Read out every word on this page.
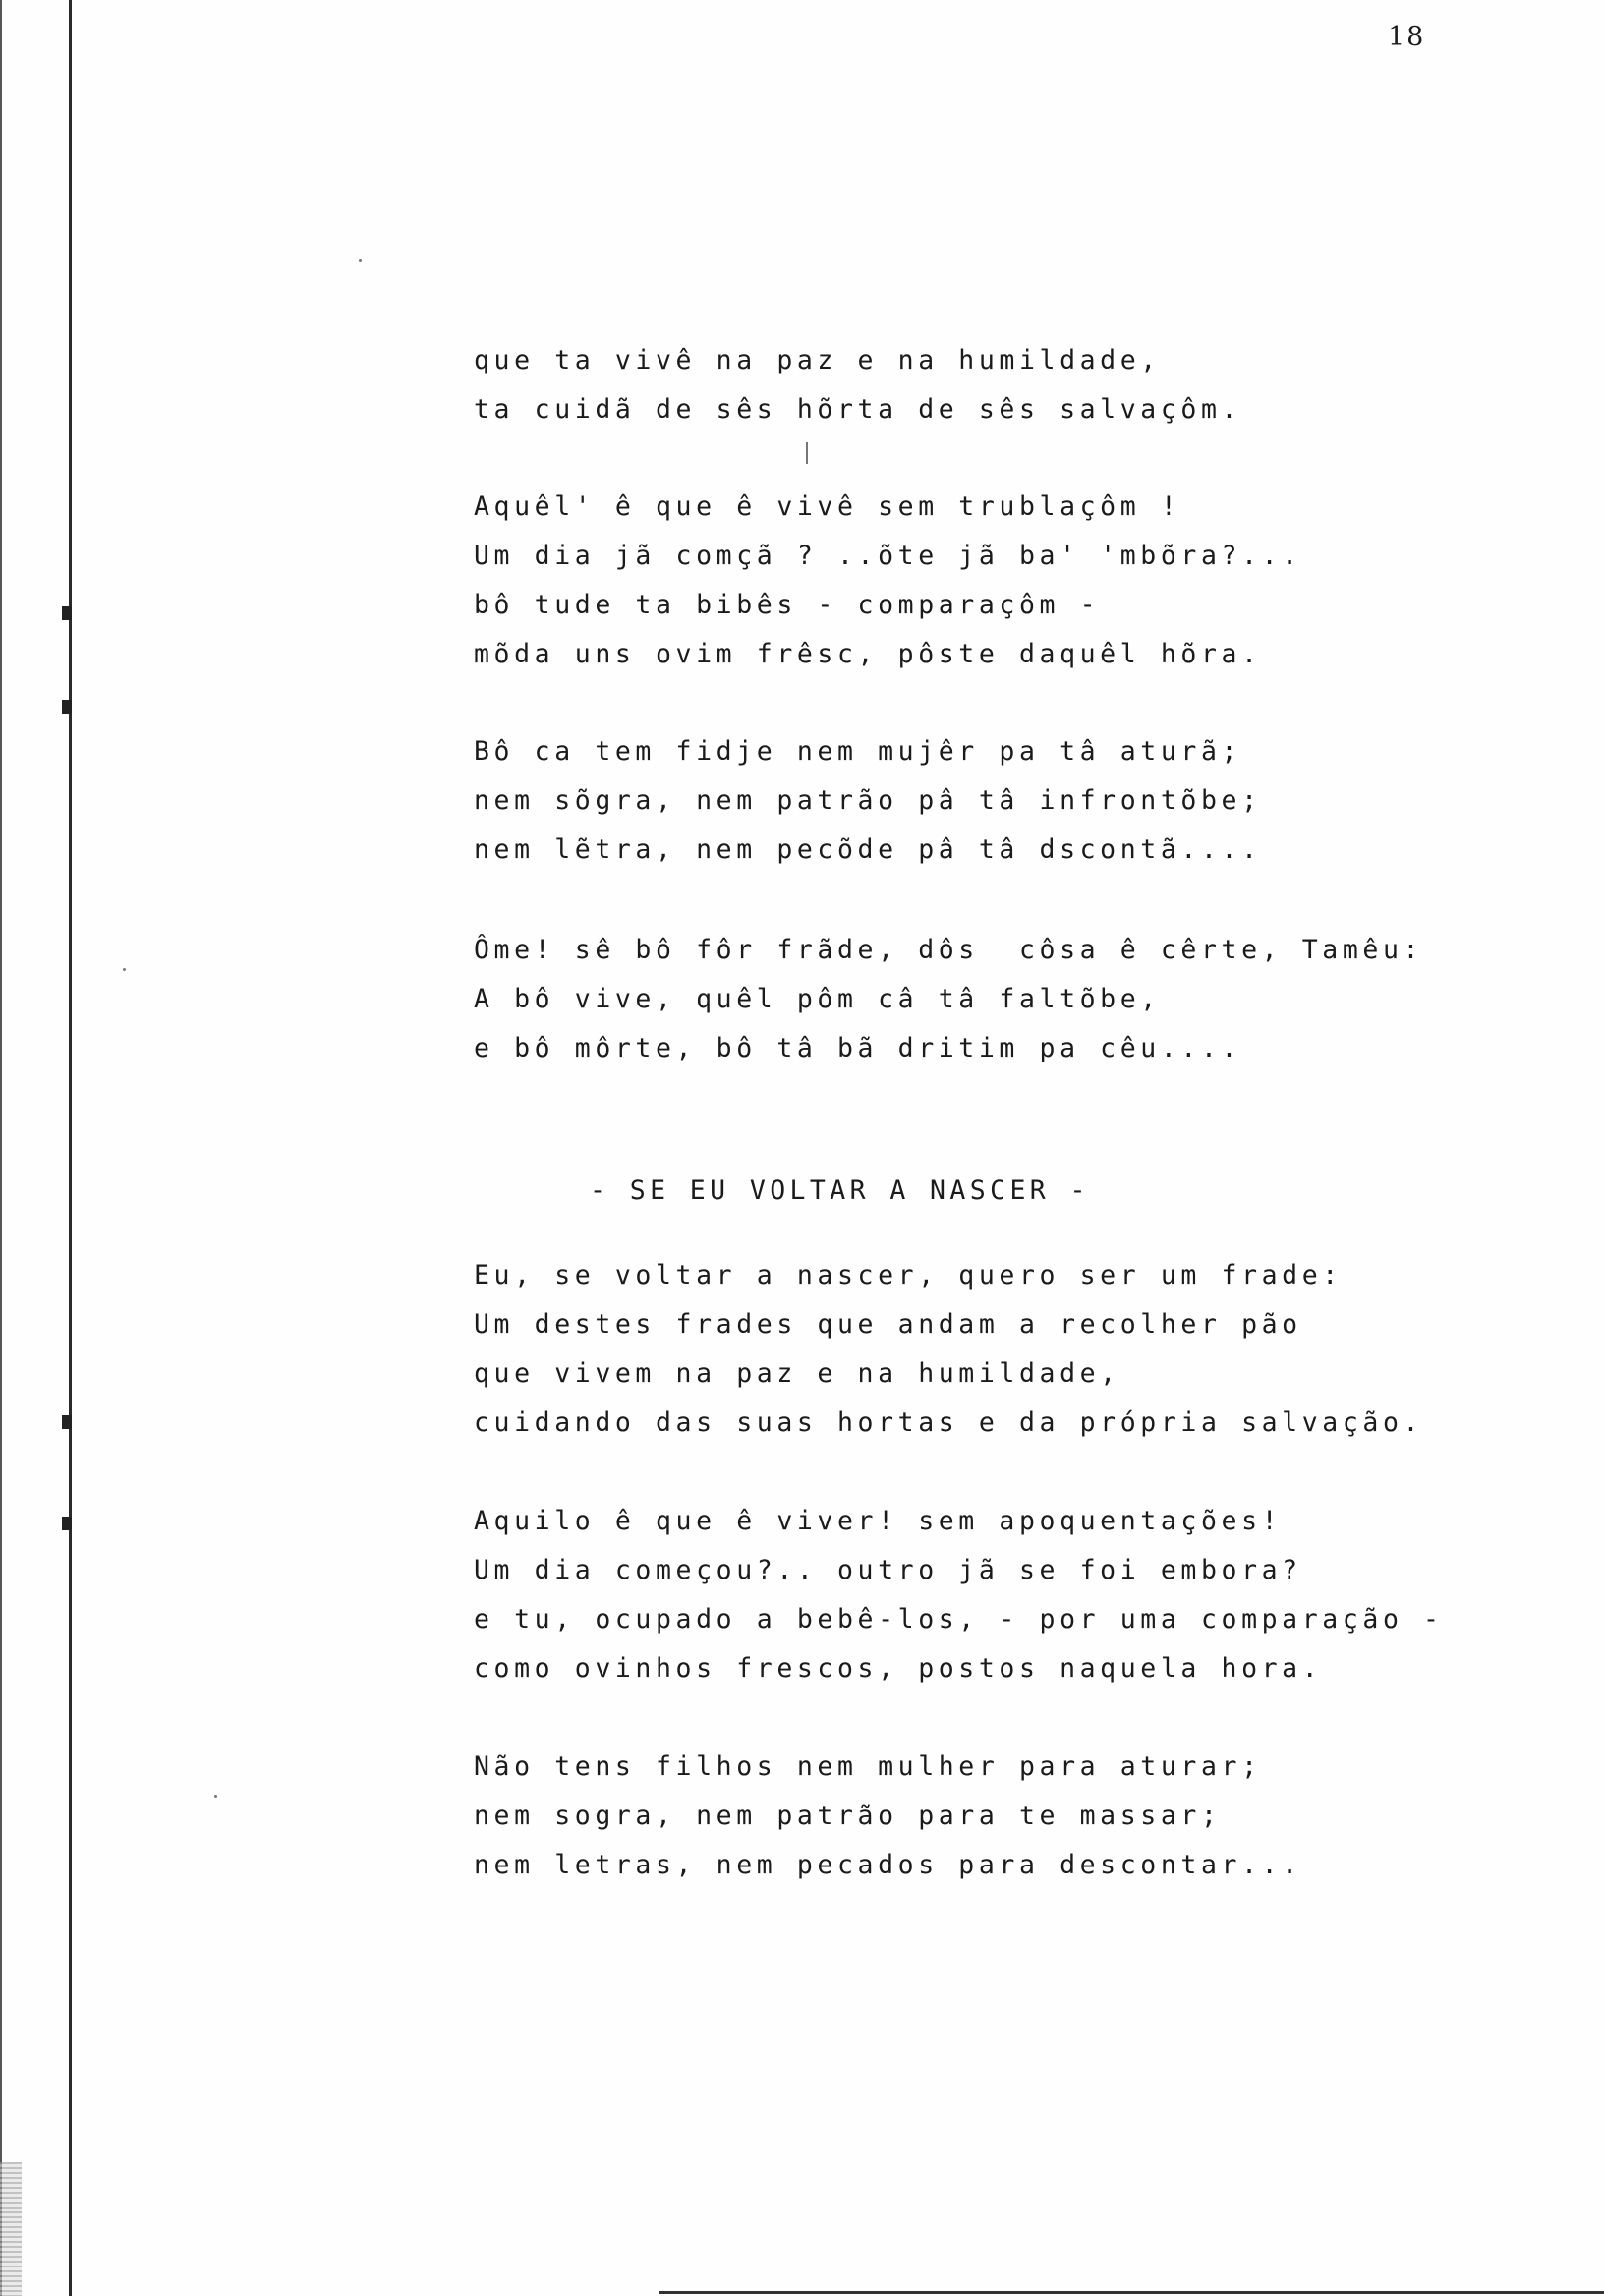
18
que ta vivê na paz e na humildade,
ta cuidã de sês hõrta de sês salvaçôm.
Aquêl' ê que ê vivê sem trublaçôm !
Um dia jã comçã ? ..õte jã ba' 'mbõra?...
bô tude ta bibês - comparaçôm -
mõda uns ovim frêsc, pôste daquêl hõra.
Bô ca tem fidje nem mujêr pa tâ aturã;
nem sõgra, nem patrão pâ tâ infrontõbe;
nem lẽtra, nem pecõde pâ tâ dscontã....
Ôme! sê bô fôr frãde, dôs  côsa ê cêrte, Tamêu:
A bô vive, quêl pôm câ tâ faltõbe,
e bô môrte, bô tâ bã dritim pa cêu....
- SE EU VOLTAR A NASCER -
Eu, se voltar a nascer, quero ser um frade:
Um destes frades que andam a recolher pão
que vivem na paz e na humildade,
cuidando das suas hortas e da própria salvação.
Aquilo ê que ê viver! sem apoquentações!
Um dia começou?.. outro jã se foi embora?
e tu, ocupado a bebê-los, - por uma comparação -
como ovinhos frescos, postos naquela hora.
Não tens filhos nem mulher para aturar;
nem sogra, nem patrão para te massar;
nem letras, nem pecados para descontar...
